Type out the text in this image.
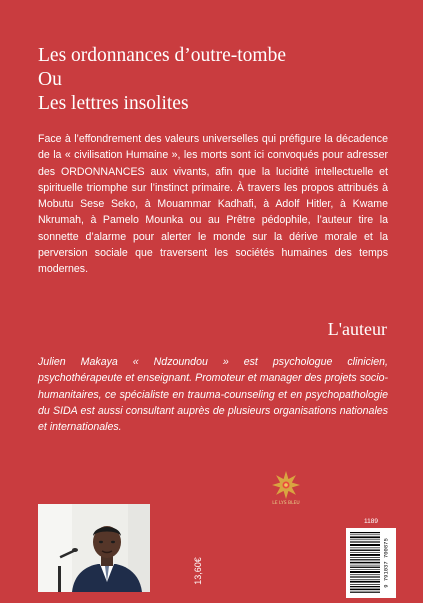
Les ordonnances d’outre-tombe
Ou
Les lettres insolites

Face à l’effondrement des valeurs universelles qui préfigure la décadence de la « civilisation Humaine », les morts sont ici convoqués pour adresser des ORDONNANCES aux vivants, afin que la lucidité intellectuelle et spirituelle triomphe sur l’instinct primaire. À travers les propos attribués à Mobutu Sese Seko, à Mouammar Kadhafi, à Adolf Hitler, à Kwame Nkrumah, à Pamelo Mounka ou au Prêtre pédophile, l’auteur tire la sonnette d’alarme pour alerter le monde sur la dérive morale et la perversion sociale que traversent les sociétés humaines des temps modernes.

L'auteur

Julien Makaya « Ndzoundou » est psychologue clinicien, psychothérapeute et enseignant. Promoteur et manager des projets socio-humanitaires, ce spécialiste en trauma-counseling et en psychopathologie du SIDA est aussi consultant auprès de plusieurs organisations nationales et internationales.

LE LYS BLEU
13,60€
1189
9 791037 700875
